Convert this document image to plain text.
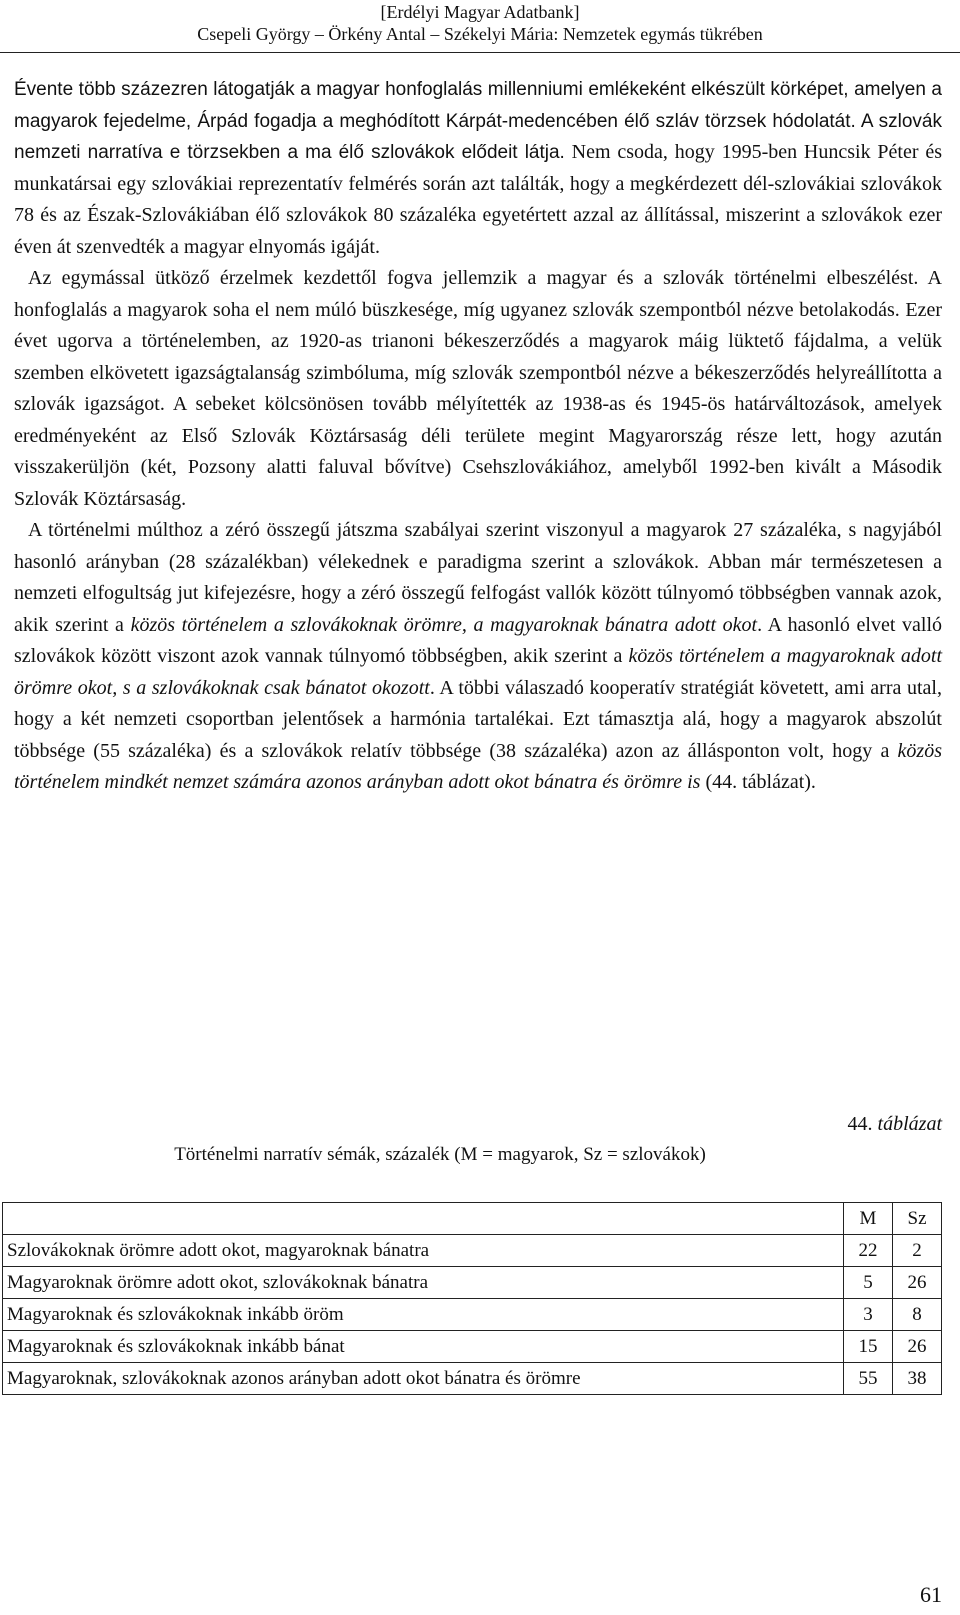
[Erdélyi Magyar Adatbank]
Csepeli György – Örkény Antal – Székelyi Mária: Nemzetek egymás tükrében

Évente több százezren látogatják a magyar honfoglalás millenniumi emlékeként elkészült körképet, amelyen a magyarok fejedelme, Árpád fogadja a meghódított Kárpát-medencében élő szláv törzsek hódolatát. A szlovák nemzeti narratíva e törzsekben a ma élő szlovákok elődeit látja. Nem csoda, hogy 1995-ben Huncsik Péter és munkatársai egy szlovákiai reprezentatív felmérés során azt találták, hogy a megkérdezett dél-szlovákiai szlovákok 78 és az Észak-Szlovákiában élő szlovákok 80 százaléka egyetértett azzal az állítással, miszerint a szlovákok ezer éven át szenvedték a magyar elnyomás igáját.

Az egymással ütköző érzelmek kezdettől fogva jellemzik a magyar és a szlovák történelmi elbeszélést. A honfoglalás a magyarok soha el nem múló büszkesége, míg ugyanez szlovák szempontból nézve betolakodás. Ezer évet ugorva a történelemben, az 1920-as trianoni békeszerződés a magyarok máig lüktető fájdalma, a velük szemben elkövetett igazságtalanság szimbóluma, míg szlovák szempontból nézve a békeszerződés helyreállította a szlovák igazságot. A sebeket kölcsönösen tovább mélyítették az 1938-as és 1945-ös határváltozások, amelyek eredményeként az Első Szlovák Köztársaság déli területe megint Magyarország része lett, hogy azután visszakerüljön (két, Pozsony alatti faluval bővítve) Csehszlovákiához, amelyből 1992-ben kivált a Második Szlovák Köztársaság.

A történelmi múlthoz a zéró összegű játszma szabályai szerint viszonyul a magyarok 27 százaléka, s nagyjából hasonló arányban (28 százalékban) vélekednek e paradigma szerint a szlovákok. Abban már természetesen a nemzeti elfogultság jut kifejezésre, hogy a zéró összegű felfogást vallók között túlnyomó többségben vannak azok, akik szerint a közös történelem a szlovákoknak örömre, a magyaroknak bánatra adott okot. A hasonló elvet valló szlovákok között viszont azok vannak túlnyomó többségben, akik szerint a közös történelem a magyaroknak adott örömre okot, s a szlovákoknak csak bánatot okozott. A többi válaszadó kooperatív stratégiát követett, ami arra utal, hogy a két nemzeti csoportban jelentősek a harmónia tartalékai. Ezt támasztja alá, hogy a magyarok abszolút többsége (55 százaléka) és a szlovákok relatív többsége (38 százaléka) azon az állásponton volt, hogy a közös történelem mindkét nemzet számára azonos arányban adott okot bánatra és örömre is (44. táblázat).

44. táblázat
Történelmi narratív sémák, százalék (M = magyarok, Sz = szlovákok)
	M	Sz
Szlovákoknak örömre adott okot, magyaroknak bánatra	22	2
Magyaroknak örömre adott okot, szlovákoknak bánatra	5	26
Magyaroknak és szlovákoknak inkább öröm	3	8
Magyaroknak és szlovákoknak inkább bánat	15	26
Magyaroknak, szlovákoknak azonos arányban adott okot bánatra és örömre	55	38
61
